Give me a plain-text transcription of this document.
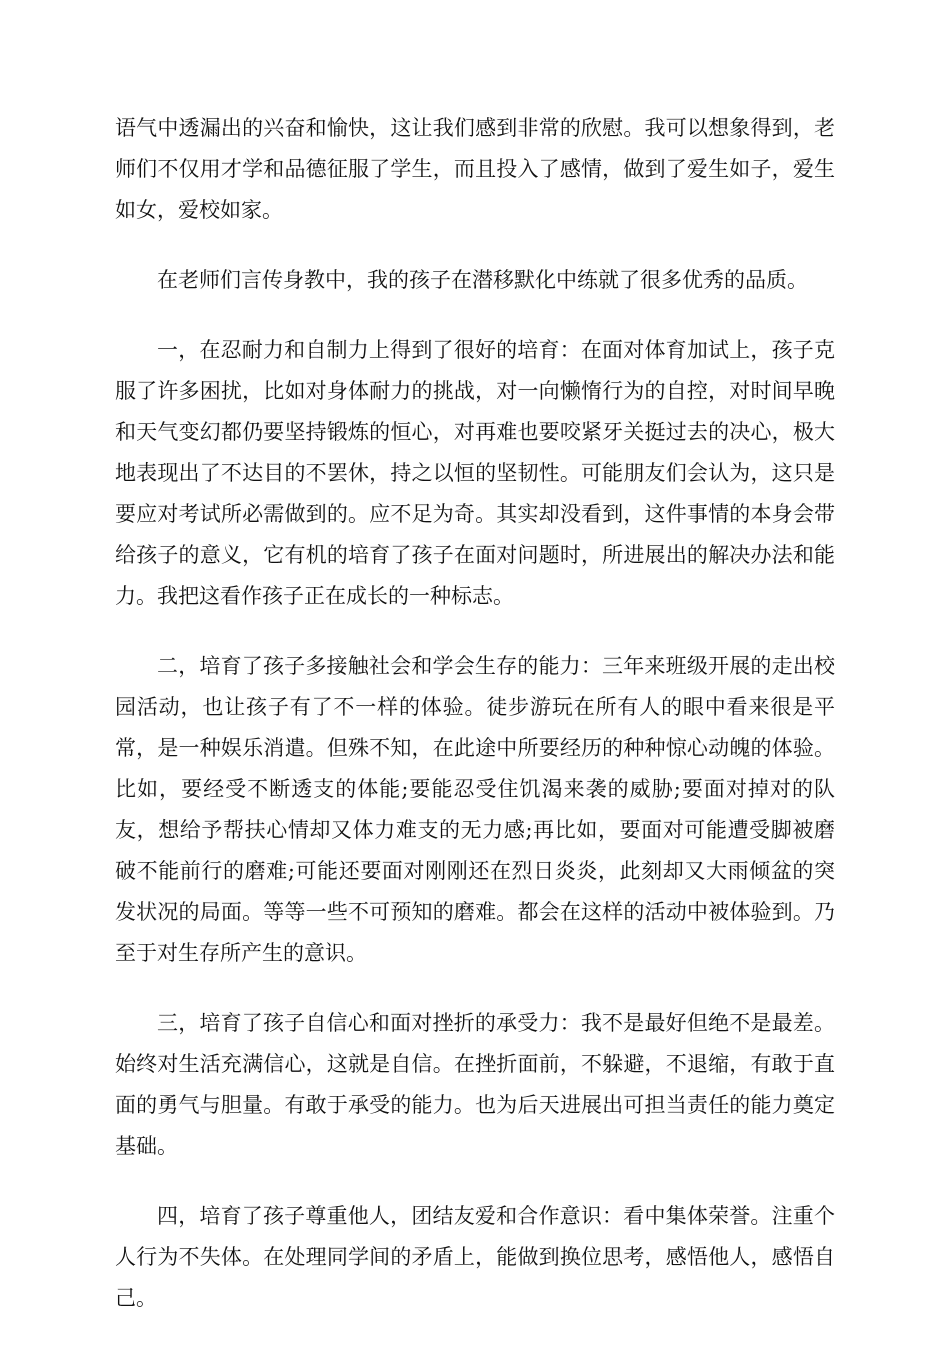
语气中透漏出的兴奋和愉快，这让我们感到非常的欣慰。我可以想象得到，老师们不仅用才学和品德征服了学生，而且投入了感情，做到了爱生如子，爱生如女，爱校如家。

在老师们言传身教中，我的孩子在潜移默化中练就了很多优秀的品质。

一，在忍耐力和自制力上得到了很好的培育：在面对体育加试上，孩子克服了许多困扰，比如对身体耐力的挑战，对一向懒惰行为的自控，对时间早晚和天气变幻都仍要坚持锻炼的恒心，对再难也要咬紧牙关挺过去的决心，极大地表现出了不达目的不罢休，持之以恒的坚韧性。可能朋友们会认为，这只是要应对考试所必需做到的。应不足为奇。其实却没看到，这件事情的本身会带给孩子的意义，它有机的培育了孩子在面对问题时，所进展出的解决办法和能力。我把这看作孩子正在成长的一种标志。

二，培育了孩子多接触社会和学会生存的能力：三年来班级开展的走出校园活动，也让孩子有了不一样的体验。徒步游玩在所有人的眼中看来很是平常，是一种娱乐消遣。但殊不知，在此途中所要经历的种种惊心动魄的体验。比如，要经受不断透支的体能;要能忍受住饥渴来袭的威胁;要面对掉对的队友，想给予帮扶心情却又体力难支的无力感;再比如，要面对可能遭受脚被磨破不能前行的磨难;可能还要面对刚刚还在烈日炎炎，此刻却又大雨倾盆的突发状况的局面。等等一些不可预知的磨难。都会在这样的活动中被体验到。乃至于对生存所产生的意识。

三，培育了孩子自信心和面对挫折的承受力：我不是最好但绝不是最差。始终对生活充满信心，这就是自信。在挫折面前，不躲避，不退缩，有敢于直面的勇气与胆量。有敢于承受的能力。也为后天进展出可担当责任的能力奠定基础。

四，培育了孩子尊重他人，团结友爱和合作意识：看中集体荣誉。注重个人行为不失体。在处理同学间的矛盾上，能做到换位思考，感悟他人，感悟自己。
